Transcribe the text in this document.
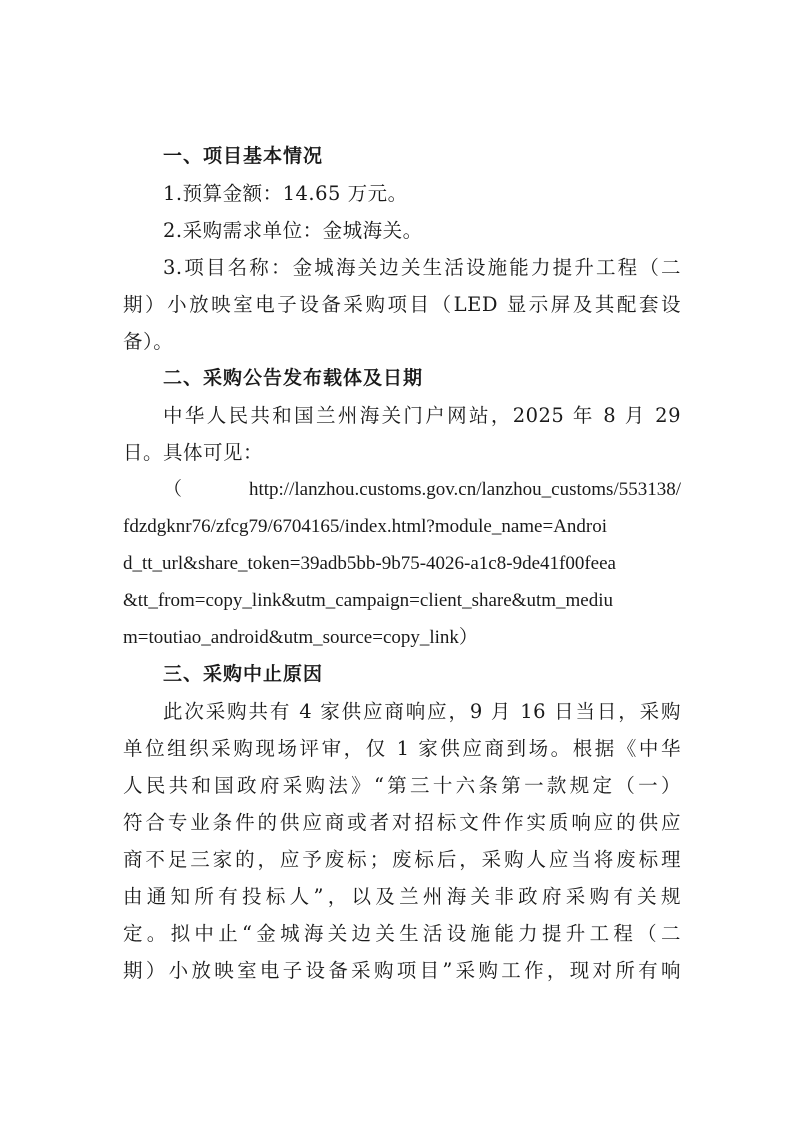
一、项目基本情况
1.预算金额：14.65 万元。
2.采购需求单位：金城海关。
3.项目名称：金城海关边关生活设施能力提升工程（二
期）小放映室电子设备采购项目（LED 显示屏及其配套设
备）。
二、采购公告发布载体及日期
中华人民共和国兰州海关门户网站，2025 年 8 月 29
日。具体可见：
（ http://lanzhou.customs.gov.cn/lanzhou_customs/553138/
fdzdgknr76/zfcg79/6704165/index.html?module_name=Androi
d_tt_url&share_token=39adb5bb-9b75-4026-a1c8-9de41f00feea
&tt_from=copy_link&utm_campaign=client_share&utm_mediu
m=toutiao_android&utm_source=copy_link）
三、采购中止原因
此次采购共有 4 家供应商响应，9 月 16 日当日，采购
单位组织采购现场评审，仅 1 家供应商到场。根据《中华
人民共和国政府采购法》“第三十六条第一款规定（一）
符合专业条件的供应商或者对招标文件作实质响应的供应
商不足三家的，应予废标；废标后，采购人应当将废标理
由通知所有投标人”，以及兰州海关非政府采购有关规
定。拟中止“金城海关边关生活设施能力提升工程（二
期）小放映室电子设备采购项目”采购工作，现对所有响
